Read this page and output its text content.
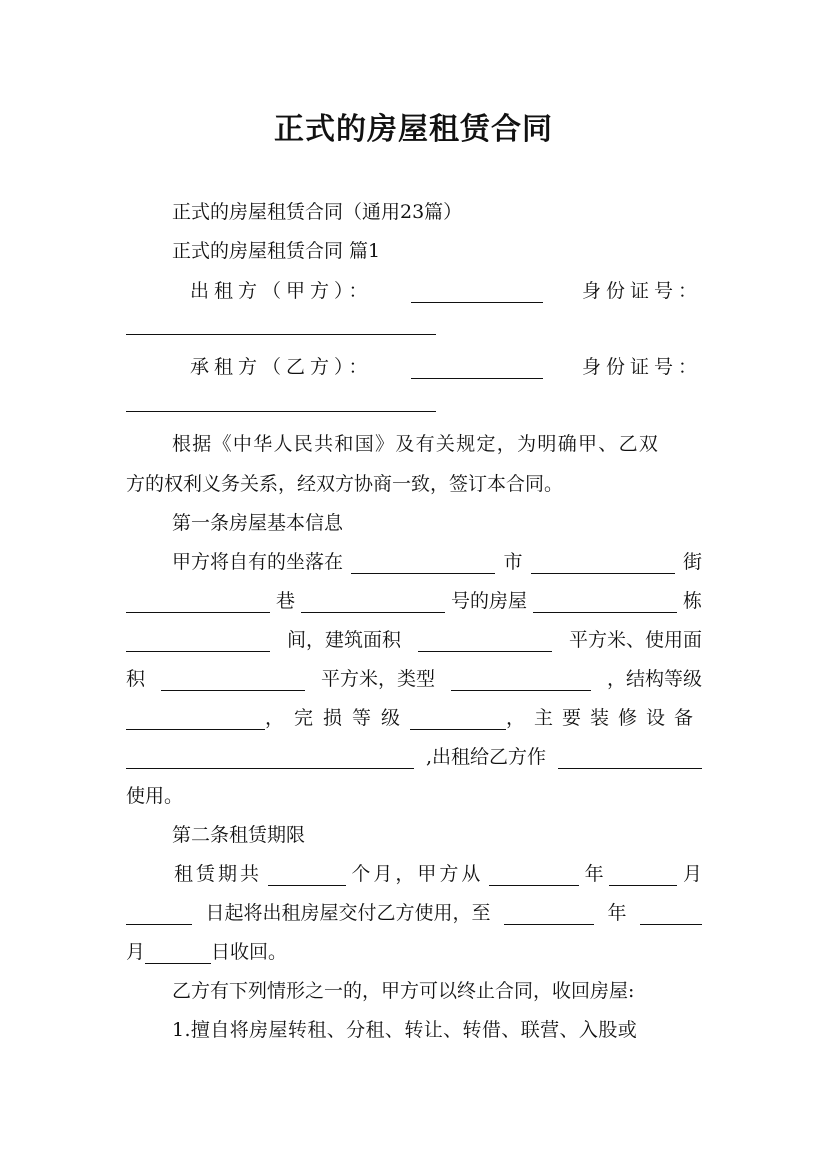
正式的房屋租赁合同
正式的房屋租赁合同（通用23篇）
正式的房屋租赁合同 篇1
出租方（甲方）：	身份证号：
承租方（乙方）：	身份证号：
根据《中华人民共和国》及有关规定，为明确甲、乙双
方的权利义务关系，经双方协商一致，签订本合同。
第一条房屋基本信息
甲方将自有的坐落在	市	街
巷	号的房屋	栋
间，建筑面积	平方米、使用面
积	平方米，类型	，结构等级
，完损等级	，主要装修设备
,出租给乙方作
使用。
第二条租赁期限
租赁期共	个月，甲方从	年	月
日起将出租房屋交付乙方使用，至	年
月	日收回。
乙方有下列情形之一的，甲方可以终止合同，收回房屋:
1.擅自将房屋转租、分租、转让、转借、联营、入股或
